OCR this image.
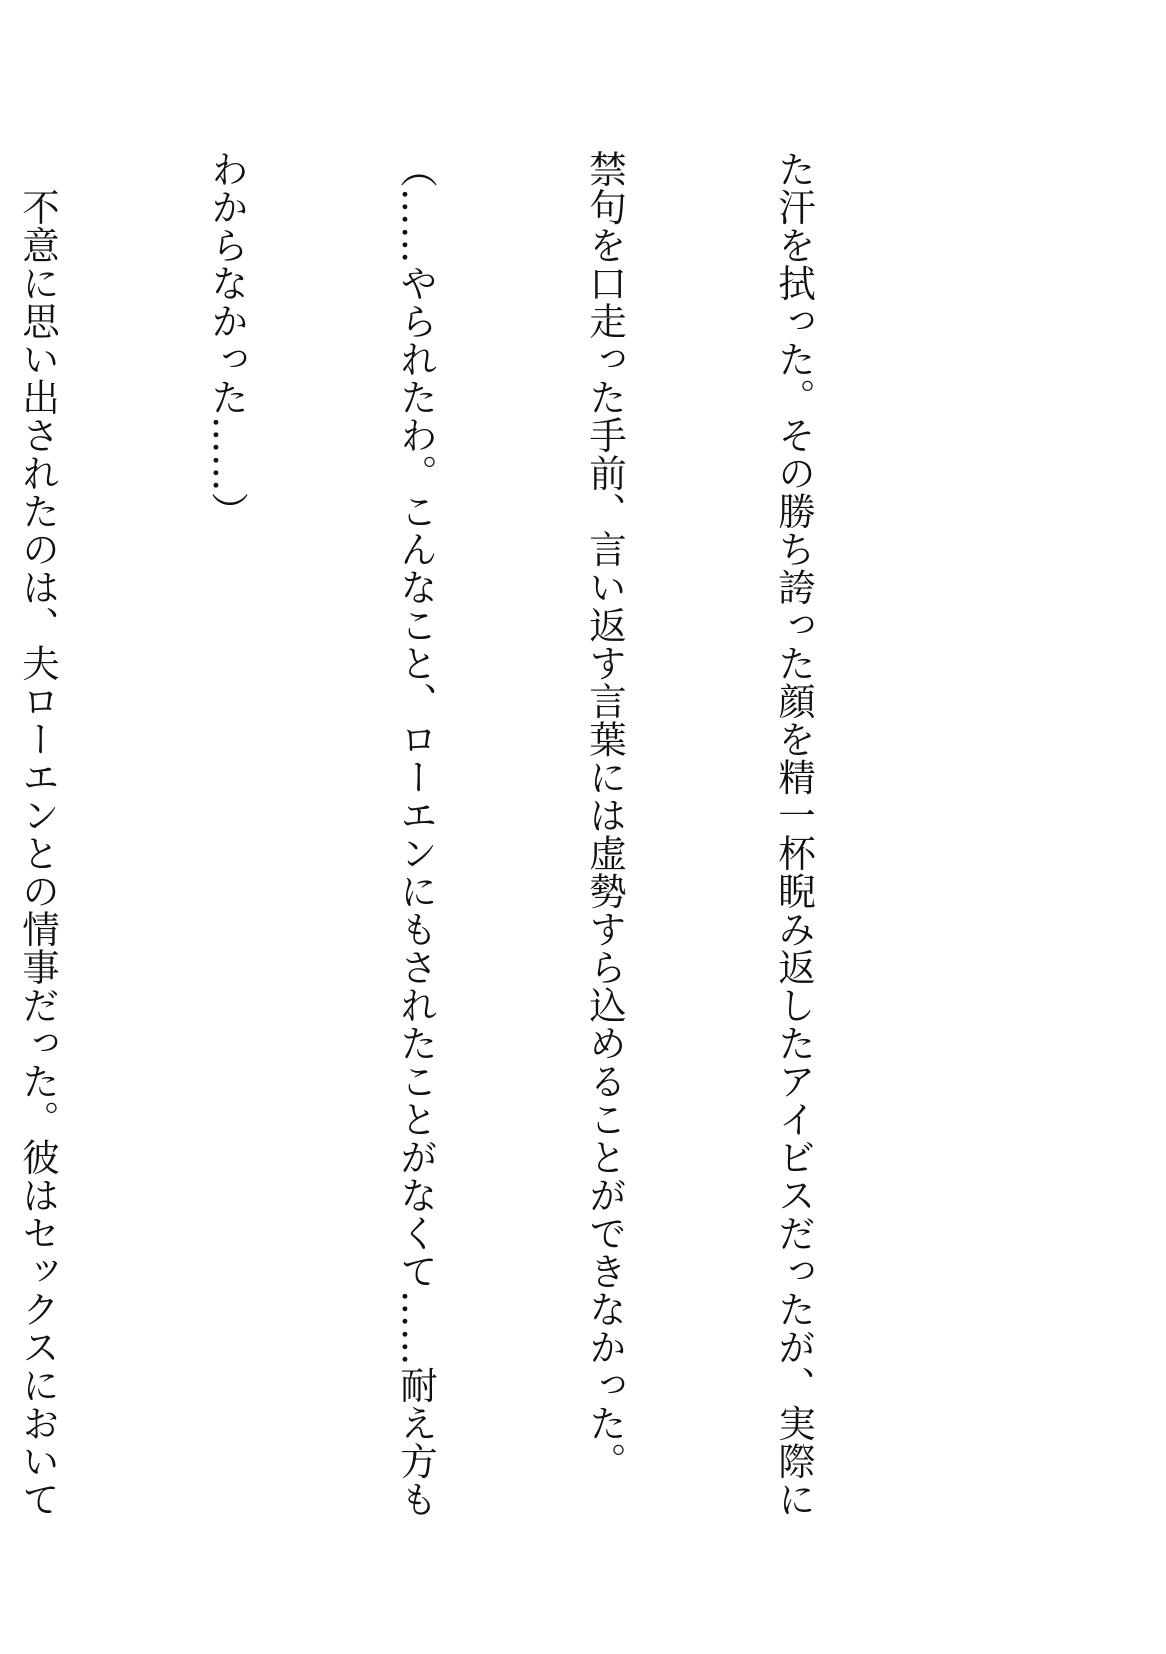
た汗を拭った。その勝ち誇った顔を精一杯睨み返したアイビスだったが、実際に

禁句を口走った手前、言い返す言葉には虚勢すら込めることができなかった。

（……やられたわ。こんなこと、ローエンにもされたことがなくて……耐え方も

わからなかった……）

　不意に思い出されたのは、夫ローエンとの情事だった。彼はセックスにおいて
